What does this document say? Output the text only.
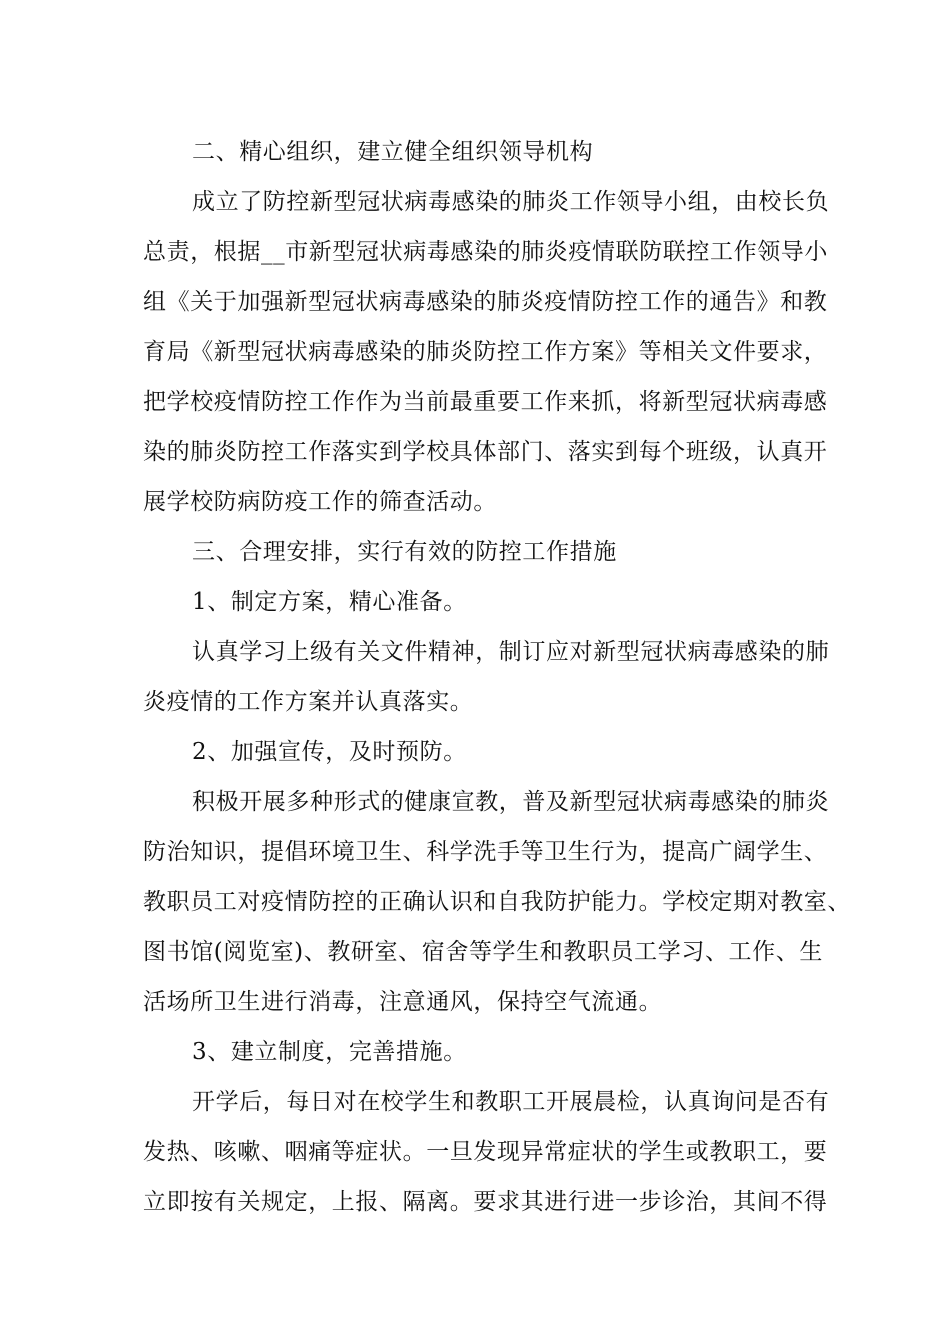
二、精心组织，建立健全组织领导机构
成立了防控新型冠状病毒感染的肺炎工作领导小组，由校长负
总责，根据__市新型冠状病毒感染的肺炎疫情联防联控工作领导小
组《关于加强新型冠状病毒感染的肺炎疫情防控工作的通告》和教
育局《新型冠状病毒感染的肺炎防控工作方案》等相关文件要求，
把学校疫情防控工作作为当前最重要工作来抓，将新型冠状病毒感
染的肺炎防控工作落实到学校具体部门、落实到每个班级，认真开
展学校防病防疫工作的筛查活动。
三、合理安排，实行有效的防控工作措施
1、制定方案，精心准备。
认真学习上级有关文件精神，制订应对新型冠状病毒感染的肺
炎疫情的工作方案并认真落实。
2、加强宣传，及时预防。
积极开展多种形式的健康宣教，普及新型冠状病毒感染的肺炎
防治知识，提倡环境卫生、科学洗手等卫生行为，提高广阔学生、
教职员工对疫情防控的正确认识和自我防护能力。学校定期对教室、
图书馆(阅览室)、教研室、宿舍等学生和教职员工学习、工作、生
活场所卫生进行消毒，注意通风，保持空气流通。
3、建立制度，完善措施。
开学后，每日对在校学生和教职工开展晨检，认真询问是否有
发热、咳嗽、咽痛等症状。一旦发现异常症状的学生或教职工，要
立即按有关规定，上报、隔离。要求其进行进一步诊治，其间不得
